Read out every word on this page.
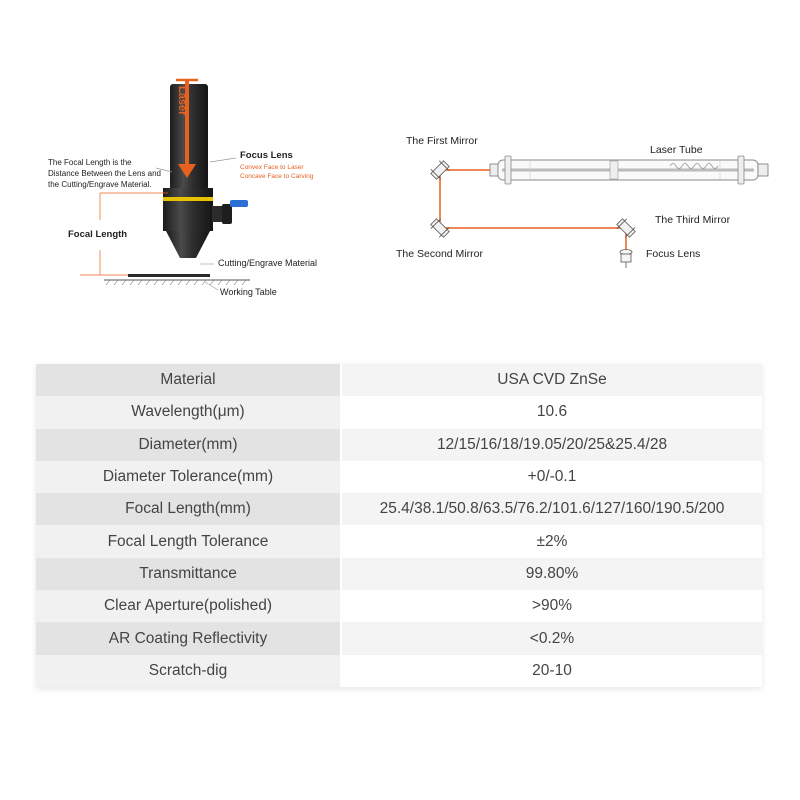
Laser
The Focal Length is the
Distance Between the Lens and
the Cutting/Engrave Material.
Focus Lens
Convex Face to Laser
Concave Face to Carving
Focal Length
Cutting/Engrave Material
Working Table
The First Mirror
Laser Tube
The Third Mirror
The Second Mirror	Focus Lens
Material	USA CVD ZnSe
Wavelength(μm)	10.6
Diameter(mm)	12/15/16/18/19.05/20/25&25.4/28
Diameter Tolerance(mm)	+0/-0.1
Focal Length(mm)	25.4/38.1/50.8/63.5/76.2/101.6/127/160/190.5/200
Focal Length Tolerance	±2%
Transmittance	99.80%
Clear Aperture(polished)	>90%
AR Coating Reflectivity	<0.2%
Scratch-dig	20-10
